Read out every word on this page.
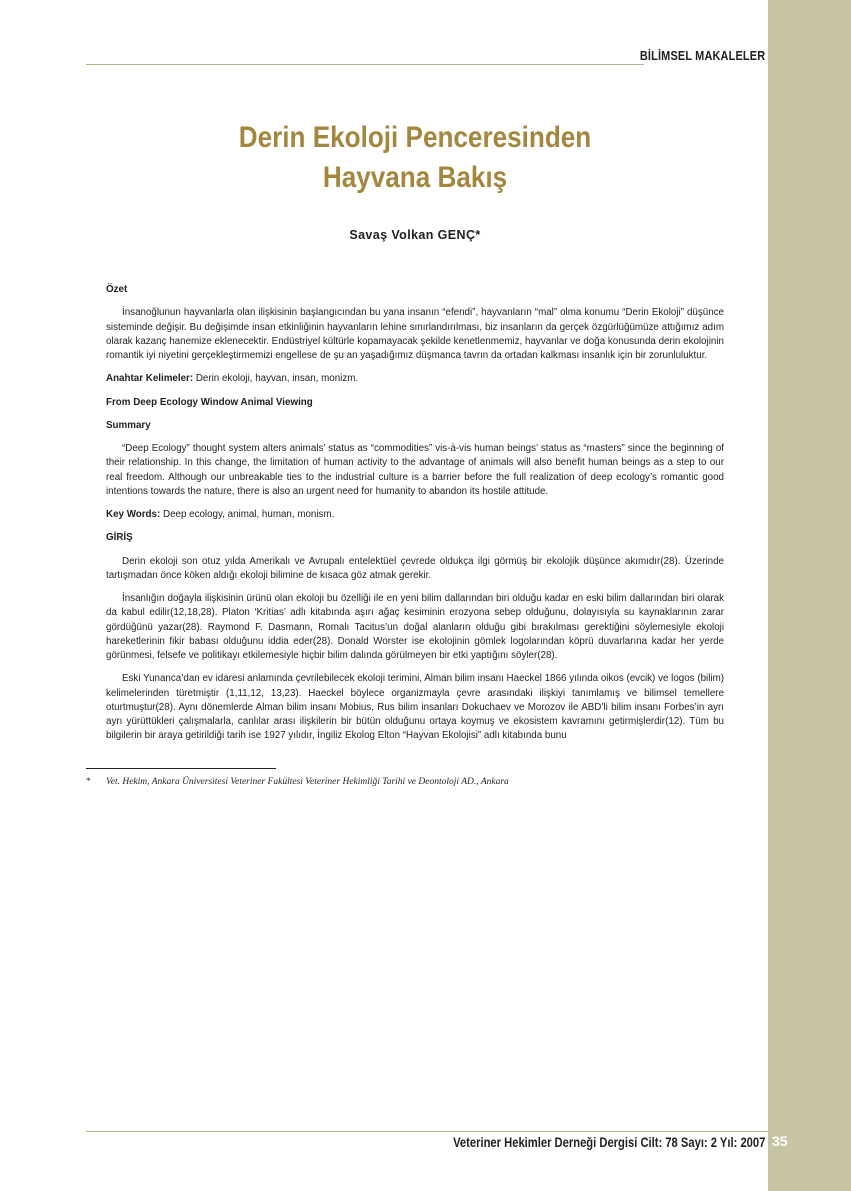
BİLİMSEL MAKALELER
Derin Ekoloji Penceresinden
Hayvana Bakış
Savaş Volkan GENÇ*
Özet

İnsanoğlunun hayvanlarla olan ilişkisinin başlangıcından bu yana insanın “efendi”, hayvanların “mal” olma konumu “Derin Ekoloji” düşünce sisteminde değişir. Bu değişimde insan etkinliğinin hayvanların lehine sınırlandırılması, biz insanların da gerçek özgürlüğümüze attığımız adım olarak kazanç hanemize eklenecektir. Endüstriyel kültürle kopamayacak şekilde kenetlenmemiz, hayvanlar ve doğa konusunda derin ekolojinin romantik iyi niyetini gerçekleştirmemizi engellese de şu an yaşadığımız düşmanca tavrın da ortadan kalkması insanlık için bir zorunluluktur.

Anahtar Kelimeler: Derin ekoloji, hayvan, insan, monizm.

From Deep Ecology Window Animal Viewing
Summary

“Deep Ecology” thought system alters animals’ status as “commodities” vis-à-vis human beings’ status as “masters” since the beginning of their relationship. In this change, the limitation of human activity to the advantage of animals will also benefit human beings as a step to our real freedom. Although our unbreakable ties to the industrial culture is a barrier before the full realization of deep ecology’s romantic good intentions towards the nature, there is also an urgent need for humanity to abandon its hostile attitude.

Key Words: Deep ecology, animal, human, monism.

GİRİŞ

Derin ekoloji son otuz yılda Amerikalı ve Avrupalı entelektüel çevrede oldukça ilgi görmüş bir ekolojik düşünce akımıdır(28). Üzerinde tartışmadan önce köken aldığı ekoloji bilimine de kısaca göz atmak gerekir.

İnsanlığın doğayla ilişkisinin ürünü olan ekoloji bu özelliği ile en yeni bilim dallarından biri olduğu kadar en eski bilim dallarından biri olarak da kabul edilir(12,18,28). Platon ‘Kritias’ adlı kitabında aşırı ağaç kesiminin erozyona sebep olduğunu, dolayısıyla su kaynaklarının zarar gördüğünü yazar(28). Raymond F. Dasmann, Romalı Tacitus’un doğal alanların olduğu gibi bırakılması gerektiğini söylemesiyle ekoloji hareketlerinin fikir babası olduğunu iddia eder(28). Donald Worster ise ekolojinin gömlek logolarından köprü duvarlarına kadar her yerde görünmesi, felsefe ve politikayı etkilemesiyle hiçbir bilim dalında görülmeyen bir etki yaptığını söyler(28).

Eski Yunanca’dan ev idaresi anlamında çevrilebilecek ekoloji terimini, Alman bilim insanı Haeckel 1866 yılında oikos (evcik) ve logos (bilim) kelimelerinden türetmiştir (1,11,12, 13,23). Haeckel böylece organizmayla çevre arasındaki ilişkiyi tanımlamış ve bilimsel temellere oturtmuştur(28). Aynı dönemlerde Alman bilim insanı Mobius, Rus bilim insanları Dokuchaev ve Morozov ile ABD’li bilim insanı Forbes’in ayrı ayrı yürüttükleri çalışmalarla, canlılar arası ilişkilerin bir bütün olduğunu ortaya koymuş ve ekosistem kavramını getirmişlerdir(12). Tüm bu bilgilerin bir araya getirildiği tarih ise 1927 yılıdır, İngiliz Ekolog Elton “Hayvan Ekolojisi” adlı kitabında bunu

* Vet. Hekim, Ankara Üniversitesi Veteriner Fakültesi Veteriner Hekimliği Tarihi ve Deontoloji AD., Ankara
Veteriner Hekimler Derneği Dergisi Cilt: 78 Sayı: 2 Yıl: 2007 35
